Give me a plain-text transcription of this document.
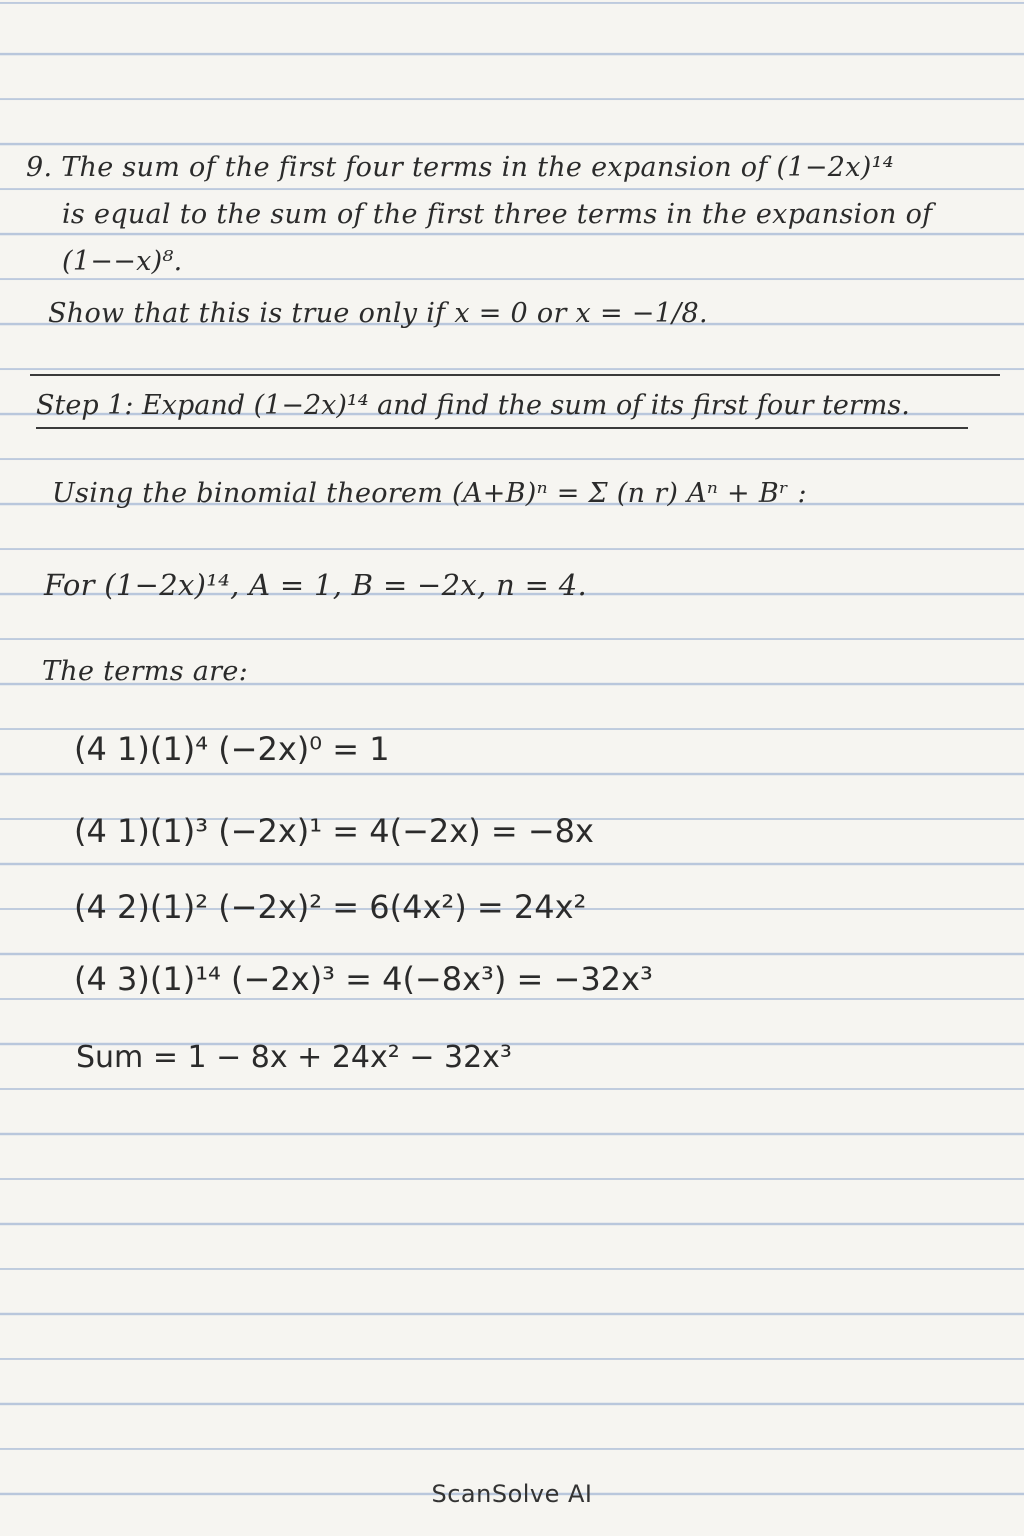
9. The sum of the first four terms in the expansion of (1−2x)¹⁴
is equal to the sum of the first three terms in the expansion of
(1−−x)⁸.
Show that this is true only if x = 0 or x = −1/8.
Step 1: Expand (1−2x)¹⁴ and find the sum of its first four terms.
Using the binomial theorem (A+B)ⁿ = Σ (n r) Aⁿ + Bʳ :
For (1−2x)¹⁴, A = 1, B = −2x, n = 4.
The terms are:
(4 1)(1)⁴ (−2x)⁰ = 1
(4 1)(1)³ (−2x)¹ = 4(−2x) = −8x
(4 2)(1)² (−2x)² = 6(4x²) = 24x²
(4 3)(1)¹⁴ (−2x)³ = 4(−8x³) = −32x³
Sum = 1 − 8x + 24x² − 32x³
ScanSolve AI
